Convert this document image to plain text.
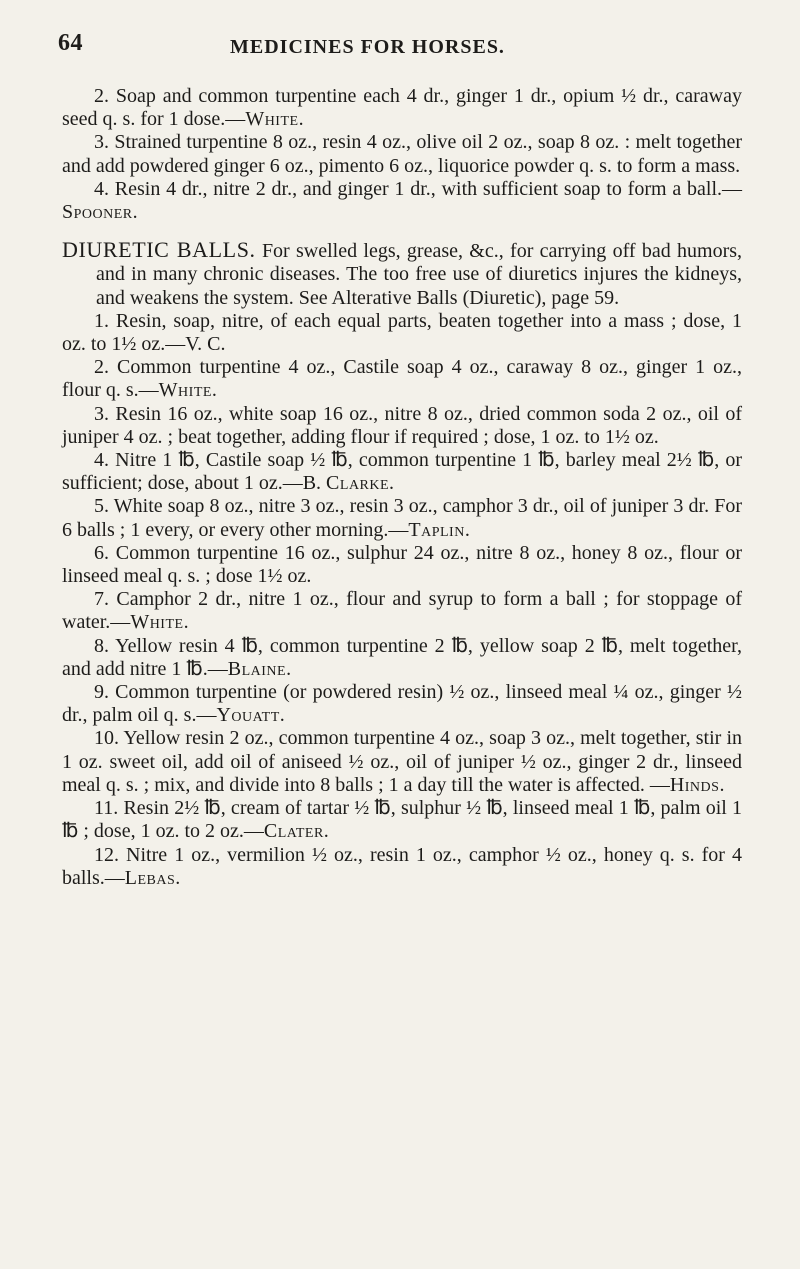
64	MEDICINES FOR HORSES.

2. Soap and common turpentine each 4 dr., ginger 1 dr., opium ½ dr., caraway seed q. s. for 1 dose.—White.

3. Strained turpentine 8 oz., resin 4 oz., olive oil 2 oz., soap 8 oz. : melt together and add powdered ginger 6 oz., pimento 6 oz., liquorice powder q. s. to form a mass.

4. Resin 4 dr., nitre 2 dr., and ginger 1 dr., with sufficient soap to form a ball.—Spooner.

DIURETIC BALLS. For swelled legs, grease, &c., for carrying off bad humors, and in many chronic diseases. The too free use of diuretics injures the kidneys, and weakens the system. See Alterative Balls (Diuretic), page 59.

1. Resin, soap, nitre, of each equal parts, beaten together into a mass ; dose, 1 oz. to 1½ oz.—V. C.

2. Common turpentine 4 oz., Castile soap 4 oz., caraway 8 oz., ginger 1 oz., flour q. s.—White.

3. Resin 16 oz., white soap 16 oz., nitre 8 oz., dried common soda 2 oz., oil of juniper 4 oz. ; beat together, adding flour if required ; dose, 1 oz. to 1½ oz.

4. Nitre 1 ℔, Castile soap ½ ℔, common turpentine 1 ℔, barley meal 2½ ℔, or sufficient; dose, about 1 oz.—B. Clarke.

5. White soap 8 oz., nitre 3 oz., resin 3 oz., camphor 3 dr., oil of juniper 3 dr. For 6 balls ; 1 every, or every other morning.—Taplin.

6. Common turpentine 16 oz., sulphur 24 oz., nitre 8 oz., honey 8 oz., flour or linseed meal q. s. ; dose 1½ oz.

7. Camphor 2 dr., nitre 1 oz., flour and syrup to form a ball ; for stoppage of water.—White.

8. Yellow resin 4 ℔, common turpentine 2 ℔, yellow soap 2 ℔, melt together, and add nitre 1 ℔.—Blaine.

9. Common turpentine (or powdered resin) ½ oz., linseed meal ¼ oz., ginger ½ dr., palm oil q. s.—Youatt.

10. Yellow resin 2 oz., common turpentine 4 oz., soap 3 oz., melt together, stir in 1 oz. sweet oil, add oil of aniseed ½ oz., oil of juniper ½ oz., ginger 2 dr., linseed meal q. s. ; mix, and divide into 8 balls ; 1 a day till the water is affected. —Hinds.

11. Resin 2½ ℔, cream of tartar ½ ℔, sulphur ½ ℔, linseed meal 1 ℔, palm oil 1 ℔ ; dose, 1 oz. to 2 oz.—Clater.

12. Nitre 1 oz., vermilion ½ oz., resin 1 oz., camphor ½ oz., honey q. s. for 4 balls.—Lebas.
